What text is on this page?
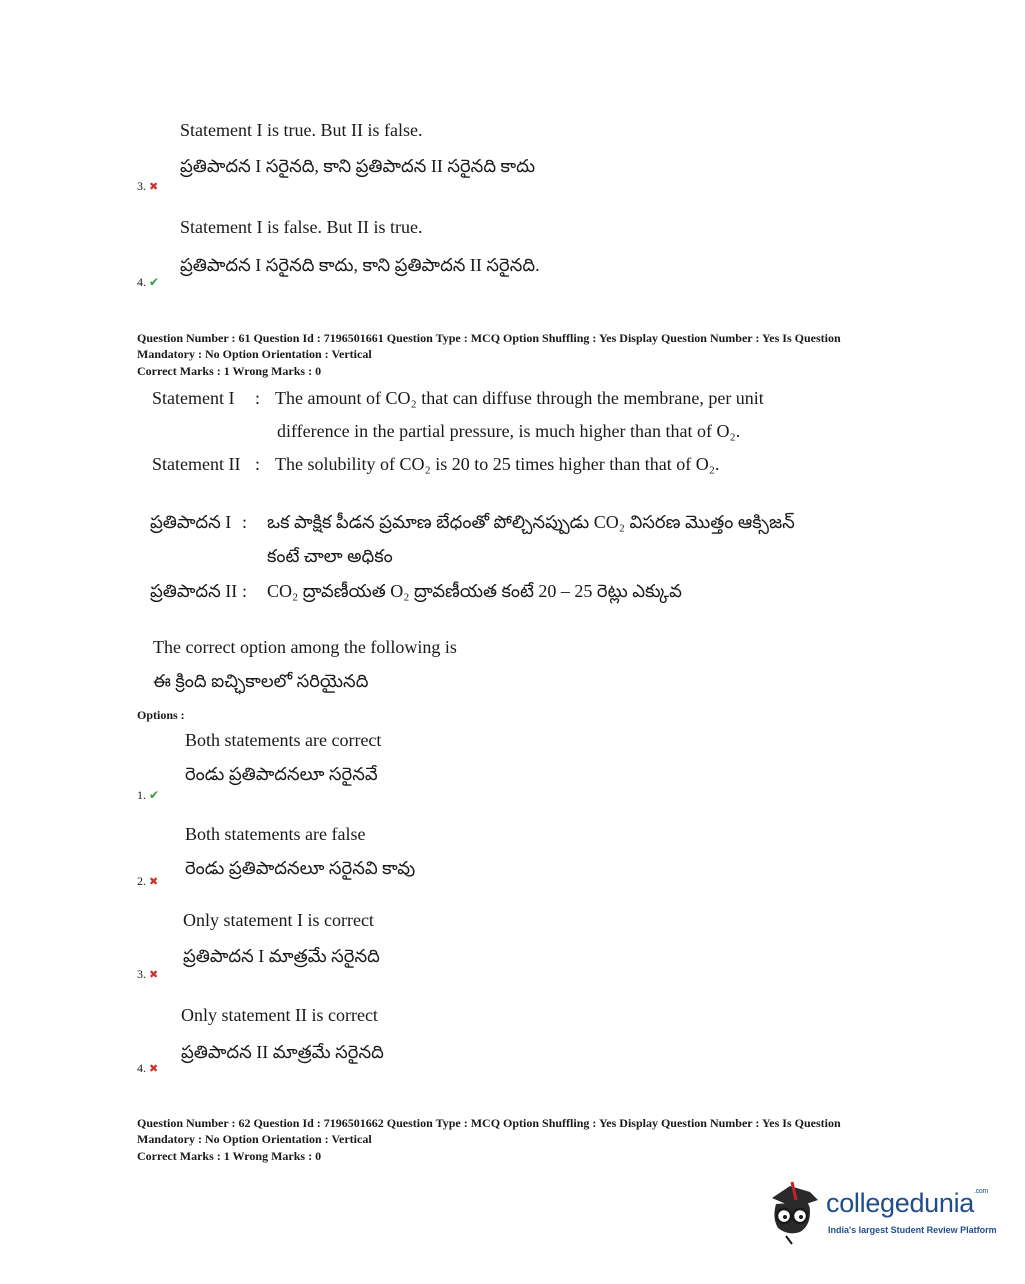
Statement I is true. But II is false.
ప్రతిపాదన I సరైనది, కాని ప్రతిపాదన II సరైనది కాదు
3. ✖
Statement I is false. But II is true.
ప్రతిపాదన I సరైనది కాదు, కాని ప్రతిపాదన II సరైనది.
4. ✔
Question Number : 61 Question Id : 7196501661 Question Type : MCQ Option Shuffling : Yes Display Question Number : Yes Is Question
Mandatory : No Option Orientation : Vertical
Correct Marks : 1 Wrong Marks : 0
Statement I : The amount of CO₂ that can diffuse through the membrane, per unit
difference in the partial pressure, is much higher than that of O₂.
Statement II : The solubility of CO₂ is 20 to 25 times higher than that of O₂.
ప్రతిపాదన I : ఒక పాక్షిక పీడన ప్రమాణ బేధంతో పోల్చినప్పుడు CO₂ విసరణ మొత్తం ఆక్సిజన్
కంటే చాలా అధికం
ప్రతిపాదన II : CO₂ ద్రావణీయత O₂ ద్రావణీయత కంటే 20 – 25 రెట్లు ఎక్కువ
The correct option among the following is
ఈ క్రింది ఐచ్ఛికాలలో సరియైనది
Options :
Both statements are correct
రెండు ప్రతిపాదనలూ సరైనవే
1. ✔
Both statements are false
రెండు ప్రతిపాదనలూ సరైనవి కావు
2. ✖
Only statement I is correct
ప్రతిపాదన I మాత్రమే సరైనది
3. ✖
Only statement II is correct
ప్రతిపాదన II మాత్రమే సరైనది
4. ✖
Question Number : 62 Question Id : 7196501662 Question Type : MCQ Option Shuffling : Yes Display Question Number : Yes Is Question
Mandatory : No Option Orientation : Vertical
Correct Marks : 1 Wrong Marks : 0
collegedunia$^{.com}$
India's largest Student Review Platform
